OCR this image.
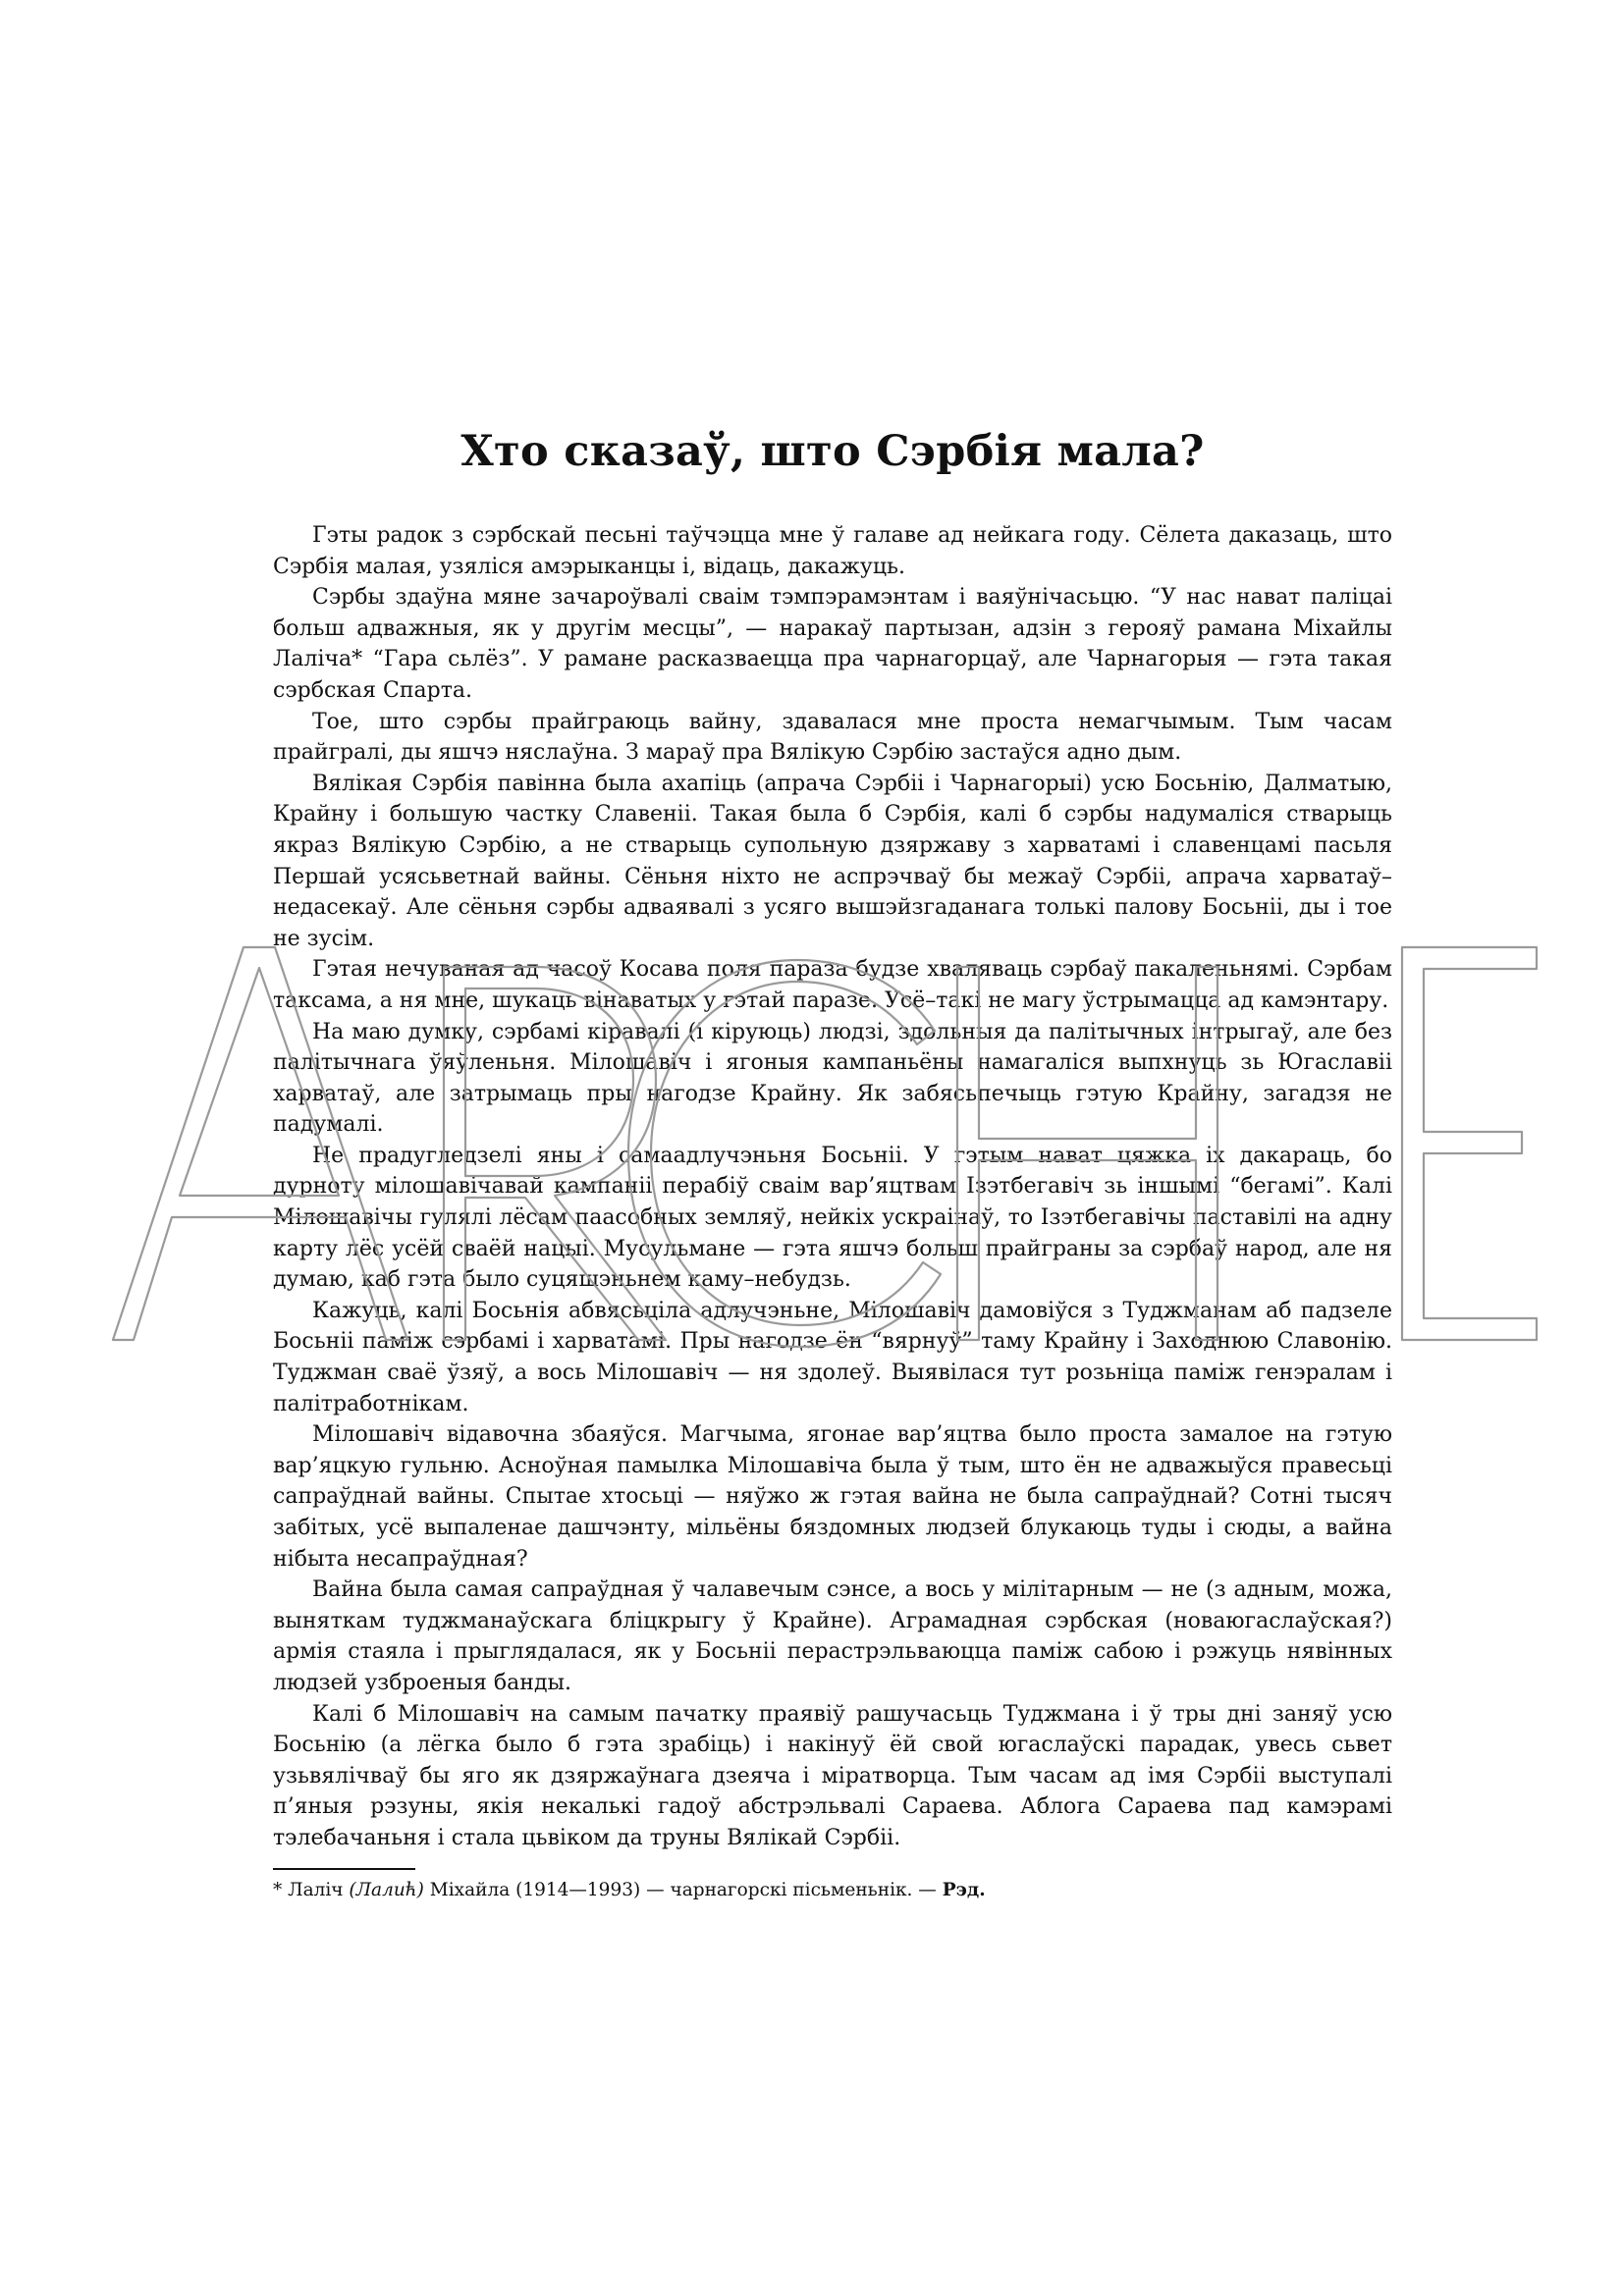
Хто сказаў, што Сэрбія мала?

Гэты радок з сэрбскай песьні таўчэцца мне ў галаве ад нейкага году. Сёлета даказаць, што Сэрбія малая, узяліся амэрыканцы і, відаць, дакажуць.

Сэрбы здаўна мяне зачароўвалі сваім тэмпэрамэнтам і ваяўнічасьцю. “У нас нават паліцаі больш адважныя, як у другім месцы”, — наракаў партызан, адзін з герояў рамана Міхайлы Лаліча* “Гара сьлёз”. У рамане расказваецца пра чарнагорцаў, але Чарнагорыя — гэта такая сэрбская Спарта.

Тое, што сэрбы прайграюць вайну, здавалася мне проста немагчымым. Тым часам прайгралі, ды яшчэ няслаўна. З мараў пра Вялікую Сэрбію застаўся адно дым.

Вялікая Сэрбія павінна была ахапіць (апрача Сэрбіі і Чарнагорыі) усю Босьнію, Далматыю, Крайну і большую частку Славеніі. Такая была б Сэрбія, калі б сэрбы надумаліся стварыць якраз Вялікую Сэрбію, а не стварыць супольную дзяржаву з харватамі і славенцамі пасьля Першай усясьветнай вайны. Сёньня ніхто не аспрэчваў бы межаў Сэрбіі, апрача харватаў–недасекаў. Але сёньня сэрбы адваявалі з усяго вышэйзгаданага толькі палову Босьніі, ды і тое не зусім.

Гэтая нечуваная ад часоў Косава поля параза будзе хваляваць сэрбаў пакаленьнямі. Сэрбам таксама, а ня мне, шукаць вінаватых у гэтай паразе. Усё–такі не магу ўстрымацца ад камэнтару.

На маю думку, сэрбамі кіравалі (і кіруюць) людзі, здольныя да палітычных інтрыгаў, але без палітычнага ўяўленьня. Мілошавіч і ягоныя кампаньёны намагаліся выпхнуць зь Югаславіі харватаў, але затрымаць пры нагодзе Крайну. Як забясьпечыць гэтую Крайну, загадзя не падумалі.

Не прадугледзелі яны і самаадлучэньня Босьніі. У гэтым нават цяжка іх дакараць, бо дурноту мілошавічавай кампаніі перабіў сваім вар’яцтвам Ізэтбегавіч зь іншымі “бегамі”. Калі Мілошавічы гулялі лёсам паасобных земляў, нейкіх ускраінаў, то Ізэтбегавічы паставілі на адну карту лёс усёй сваёй нацыі. Мусульмане — гэта яшчэ больш прайграны за сэрбаў народ, але ня думаю, каб гэта было суцяшэньнем каму–небудзь.

Кажуць, калі Босьнія абвясьціла адлучэньне, Мілошавіч дамовіўся з Туджманам аб падзеле Босьніі паміж сэрбамі і харватамі. Пры нагодзе ён “вярнуў” таму Крайну і Заходнюю Славонію. Туджман сваё ўзяў, а вось Мілошавіч — ня здолеў. Выявілася тут розьніца паміж генэралам і палітработнікам.

Мілошавіч відавочна збаяўся. Магчыма, ягонае вар’яцтва было проста замалое на гэтую вар’яцкую гульню. Асноўная памылка Мілошавіча была ў тым, што ён не адважыўся правесьці сапраўднай вайны. Спытае хтосьці — няўжо ж гэтая вайна не была сапраўднай? Сотні тысяч забітых, усё выпаленае дашчэнту, мільёны бяздомных людзей блукаюць туды і сюды, а вайна нібыта несапраўдная?

Вайна была самая сапраўдная ў чалавечым сэнсе, а вось у мілітарным — не (з адным, можа, выняткам туджманаўскага бліцкрыгу ў Крайне). Аграмадная сэрбская (новаюгаслаўская?) армія стаяла і прыглядалася, як у Босьніі перастрэльваюцца паміж сабою і рэжуць нявінных людзей узброеныя банды.

Калі б Мілошавіч на самым пачатку праявіў рашучасьць Туджмана і ў тры дні заняў усю Босьнію (а лёгка было б гэта зрабіць) і накінуў ёй свой югаслаўскі парадак, увесь сьвет узьвялічваў бы яго як дзяржаўнага дзеяча і міратворца. Тым часам ад імя Сэрбіі выступалі п’яныя рэзуны, якія некалькі гадоў абстрэльвалі Сараева. Аблога Сараева пад камэрамі тэлебачаньня і стала цьвіком да труны Вялікай Сэрбіі.

* Лаліч (Лалић) Міхайла (1914—1993) — чарнагорскі пісьменьнік. — Рэд.
